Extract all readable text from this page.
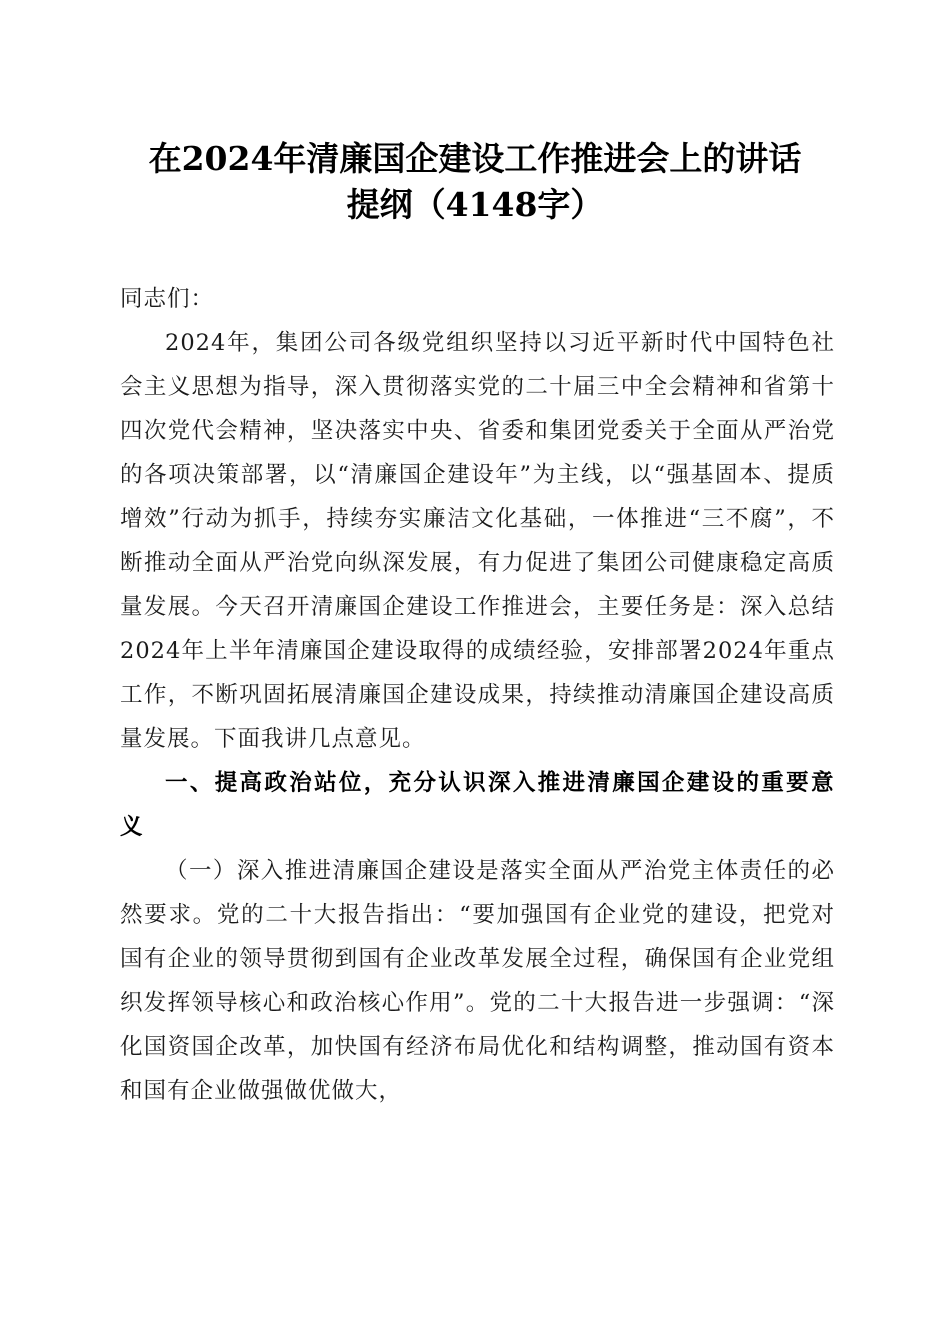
在2024年清廉国企建设工作推进会上的讲话
提纲（4148字）

同志们：

2024年，集团公司各级党组织坚持以习近平新时代中国特色社会主义思想为指导，深入贯彻落实党的二十届三中全会精神和省第十四次党代会精神，坚决落实中央、省委和集团党委关于全面从严治党的各项决策部署，以“清廉国企建设年”为主线，以“强基固本、提质增效”行动为抓手，持续夯实廉洁文化基础，一体推进“三不腐”，不断推动全面从严治党向纵深发展，有力促进了集团公司健康稳定高质量发展。今天召开清廉国企建设工作推进会，主要任务是：深入总结2024年上半年清廉国企建设取得的成绩经验，安排部署2024年重点工作，不断巩固拓展清廉国企建设成果，持续推动清廉国企建设高质量发展。下面我讲几点意见。

一、提高政治站位，充分认识深入推进清廉国企建设的重要意义

（一）深入推进清廉国企建设是落实全面从严治党主体责任的必然要求。党的二十大报告指出：“要加强国有企业党的建设，把党对国有企业的领导贯彻到国有企业改革发展全过程，确保国有企业党组织发挥领导核心和政治核心作用”。党的二十大报告进一步强调：“深化国资国企改革，加快国有经济布局优化和结构调整，推动国有资本和国有企业做强做优做大，
